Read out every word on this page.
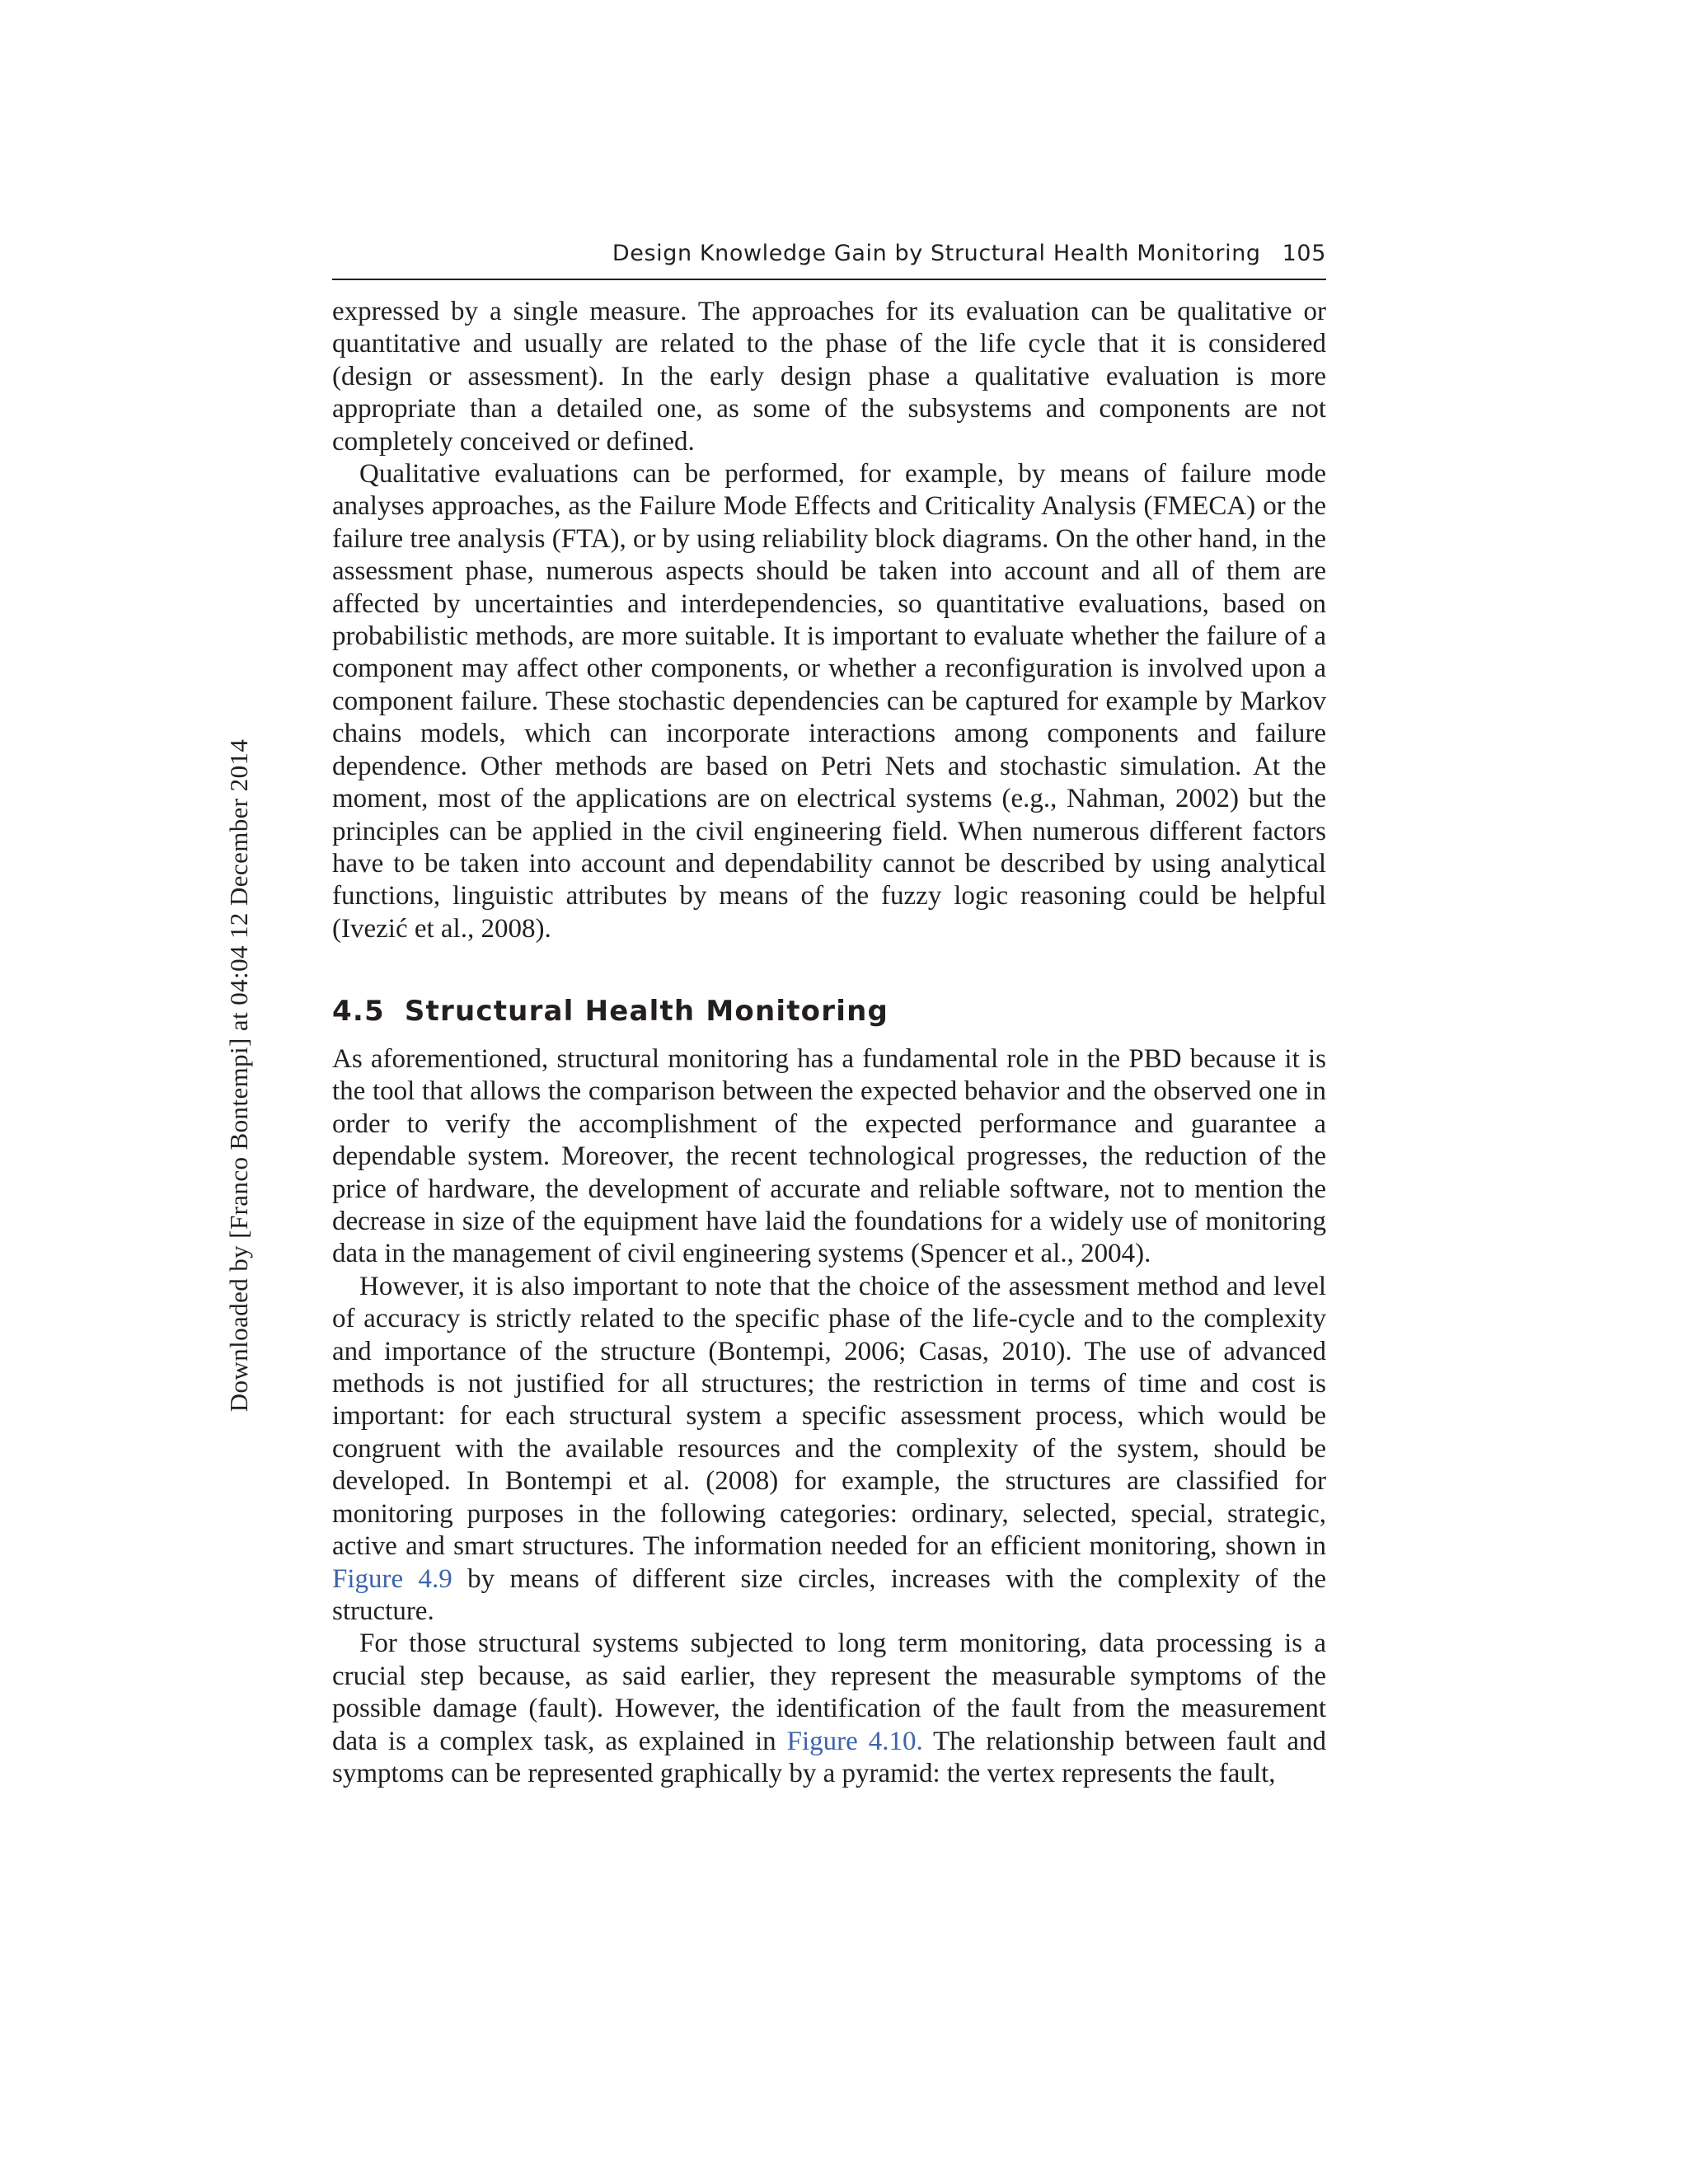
Downloaded by [Franco Bontempi] at 04:04 12 December 2014
Design Knowledge Gain by Structural Health Monitoring 105

expressed by a single measure. The approaches for its evaluation can be qualitative or quantitative and usually are related to the phase of the life cycle that it is considered (design or assessment). In the early design phase a qualitative evaluation is more appropriate than a detailed one, as some of the subsystems and components are not completely conceived or defined.

Qualitative evaluations can be performed, for example, by means of failure mode analyses approaches, as the Failure Mode Effects and Criticality Analysis (FMECA) or the failure tree analysis (FTA), or by using reliability block diagrams. On the other hand, in the assessment phase, numerous aspects should be taken into account and all of them are affected by uncertainties and interdependencies, so quantitative evaluations, based on probabilistic methods, are more suitable. It is important to evaluate whether the failure of a component may affect other components, or whether a reconfiguration is involved upon a component failure. These stochastic dependencies can be captured for example by Markov chains models, which can incorporate interactions among components and failure dependence. Other methods are based on Petri Nets and stochastic simulation. At the moment, most of the applications are on electrical systems (e.g., Nahman, 2002) but the principles can be applied in the civil engineering field. When numerous different factors have to be taken into account and dependability cannot be described by using analytical functions, linguistic attributes by means of the fuzzy logic reasoning could be helpful (Ivezić et al., 2008).

4.5 Structural Health Monitoring

As aforementioned, structural monitoring has a fundamental role in the PBD because it is the tool that allows the comparison between the expected behavior and the observed one in order to verify the accomplishment of the expected performance and guarantee a dependable system. Moreover, the recent technological progresses, the reduction of the price of hardware, the development of accurate and reliable software, not to mention the decrease in size of the equipment have laid the foundations for a widely use of monitoring data in the management of civil engineering systems (Spencer et al., 2004).

However, it is also important to note that the choice of the assessment method and level of accuracy is strictly related to the specific phase of the life-cycle and to the complexity and importance of the structure (Bontempi, 2006; Casas, 2010). The use of advanced methods is not justified for all structures; the restriction in terms of time and cost is important: for each structural system a specific assessment process, which would be congruent with the available resources and the complexity of the system, should be developed. In Bontempi et al. (2008) for example, the structures are classified for monitoring purposes in the following categories: ordinary, selected, special, strategic, active and smart structures. The information needed for an efficient monitoring, shown in Figure 4.9 by means of different size circles, increases with the complexity of the structure.

For those structural systems subjected to long term monitoring, data processing is a crucial step because, as said earlier, they represent the measurable symptoms of the possible damage (fault). However, the identification of the fault from the measurement data is a complex task, as explained in Figure 4.10. The relationship between fault and symptoms can be represented graphically by a pyramid: the vertex represents the fault,
